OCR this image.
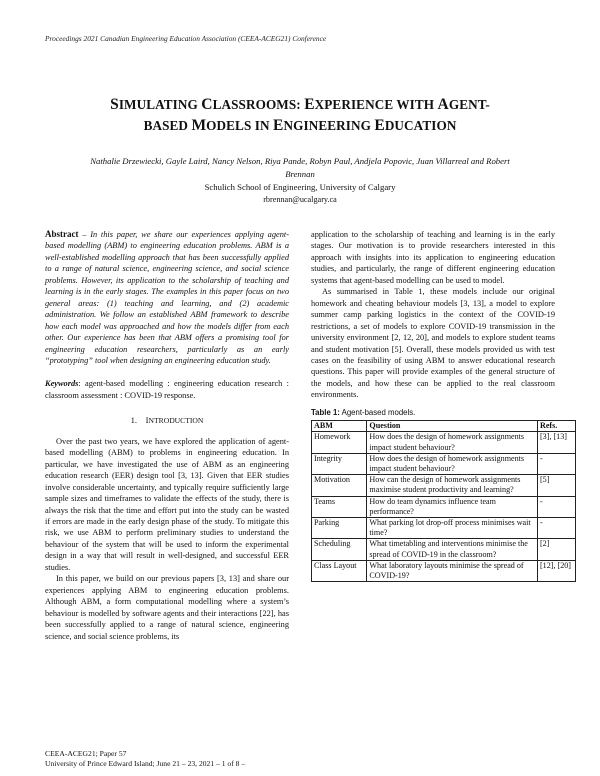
Proceedings 2021 Canadian Engineering Education Association (CEEA-ACEG21) Conference
SIMULATING CLASSROOMS: EXPERIENCE WITH AGENT-
BASED MODELS IN ENGINEERING EDUCATION
Nathalie Drzewiecki, Gayle Laird, Nancy Nelson, Riya Pande, Robyn Paul, Andjela Popovic, Juan Villarreal and Robert Brennan
Schulich School of Engineering, University of Calgary
rbrennan@ucalgary.ca
Abstract – In this paper, we share our experiences applying agent-based modelling (ABM) to engineering education problems. ABM is a well-established modelling approach that has been successfully applied to a range of natural science, engineering science, and social science problems. However, its application to the scholarship of teaching and learning is in the early stages. The examples in this paper focus on two general areas: (1) teaching and learning, and (2) academic administration. We follow an established ABM framework to describe how each model was approached and how the models differ from each other. Our experience has been that ABM offers a promising tool for engineering education researchers, particularly as an early “prototyping” tool when designing an engineering education study.
Keywords: agent-based modelling : engineering education research : classroom assessment : COVID-19 response.
1. INTRODUCTION

Over the past two years, we have explored the application of agent-based modelling (ABM) to problems in engineering education. In particular, we have investigated the use of ABM as an engineering education research (EER) design tool [3, 13]. Given that EER studies involve considerable uncertainty, and typically require sufficiently large sample sizes and timeframes to validate the effects of the study, there is always the risk that the time and effort put into the study can be wasted if errors are made in the early design phase of the study. To mitigate this risk, we use ABM to perform preliminary studies to understand the behaviour of the system that will be used to inform the experimental design in a way that will result in well-designed, and successful EER studies.

In this paper, we build on our previous papers [3, 13] and share our experiences applying ABM to engineering education problems. Although ABM, a form computational modelling where a system’s behaviour is modelled by software agents and their interactions [22], has been successfully applied to a range of natural science, engineering science, and social science problems, its

application to the scholarship of teaching and learning is in the early stages. Our motivation is to provide researchers interested in this approach with insights into its application to engineering education studies, and particularly, the range of different engineering education systems that agent-based modelling can be used to model.

As summarised in Table 1, these models include our original homework and cheating behaviour models [3, 13], a model to explore summer camp parking logistics in the context of the COVID-19 restrictions, a set of models to explore COVID-19 transmission in the university environment [2, 12, 20], and models to explore student teams and student motivation [5]. Overall, these models provided us with test cases on the feasibility of using ABM to answer educational research questions. This paper will provide examples of the general structure of the models, and how these can be applied to the real classroom environments.

Table 1: Agent-based models.
ABM	Question	Refs.
Homework	How does the design of homework assignments impact student behaviour?	[3], [13]
Integrity	How does the design of homework assignments impact student behaviour?	-
Motivation	How can the design of homework assignments maximise student productivity and learning?	[5]
Teams	How do team dynamics influence team performance?	-
Parking	What parking lot drop-off process minimises wait time?	-
Scheduling	What timetabling and interventions minimise the spread of COVID-19 in the classroom?	[2]
Class Layout	What laboratory layouts minimise the spread of COVID-19?	[12], [20]
CEEA-ACEG21; Paper 57
University of Prince Edward Island; June 21 – 23, 2021 – 1 of 8 –
